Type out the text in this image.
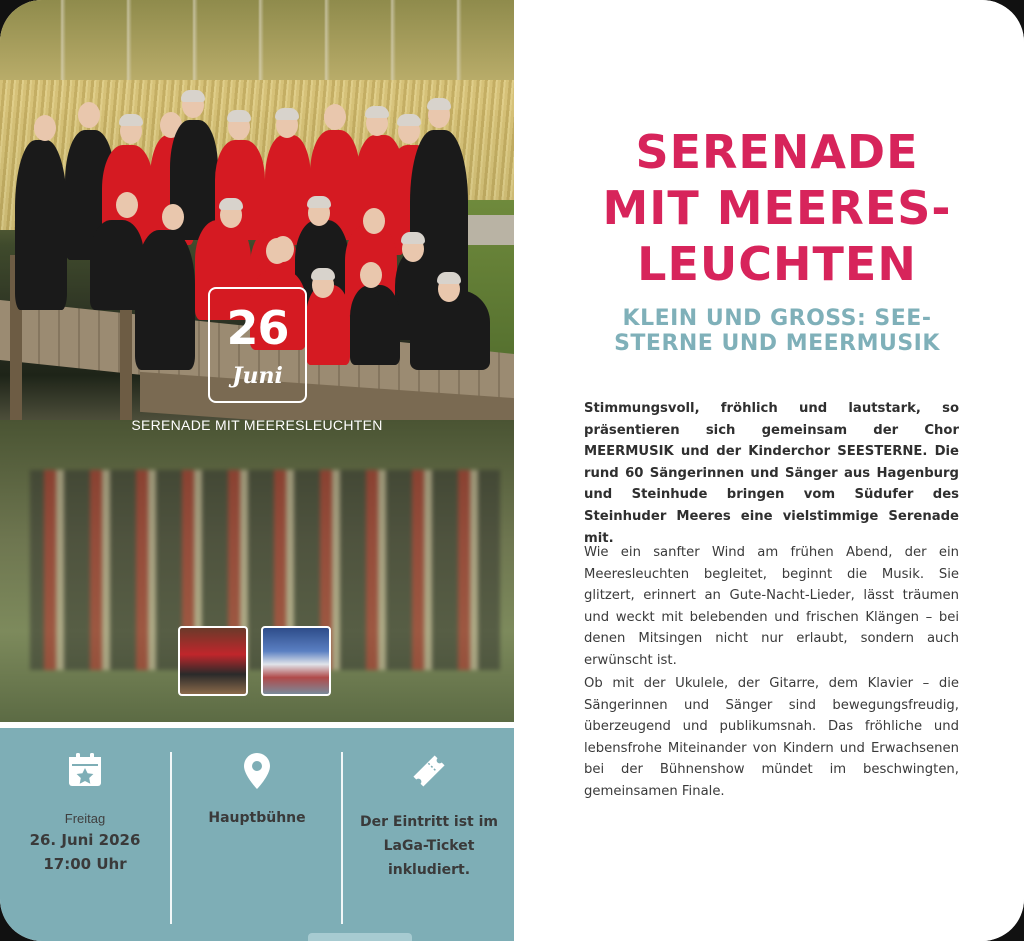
26
Juni
SERENADE MIT MEERESLEUCHTEN
Freitag
26. Juni 2026
17:00 Uhr
Hauptbühne	Der Eintritt ist im LaGa-Ticket inkludiert.
SERENADE
MIT MEERES-
LEUCHTEN
KLEIN UND GROSS: SEE-
STERNE UND MEERMUSIK

Stimmungsvoll, fröhlich und lautstark, so präsentieren sich gemeinsam der Chor MEERMUSIK und der Kinderchor SEESTERNE. Die rund 60 Sängerinnen und Sänger aus Hagenburg und Steinhude bringen vom Südufer des Steinhuder Meeres eine vielstimmige Serenade mit.

Wie ein sanfter Wind am frühen Abend, der ein Meeresleuchten begleitet, beginnt die Musik. Sie glitzert, erinnert an Gute-Nacht-Lieder, lässt träumen und weckt mit belebenden und frischen Klängen – bei denen Mitsingen nicht nur erlaubt, sondern auch erwünscht ist.

Ob mit der Ukulele, der Gitarre, dem Klavier – die Sängerinnen und Sänger sind bewegungsfreudig, überzeugend und publikumsnah. Das fröhliche und lebensfrohe Miteinander von Kindern und Erwachsenen bei der Bühnenshow mündet im beschwingten, gemeinsamen Finale.
